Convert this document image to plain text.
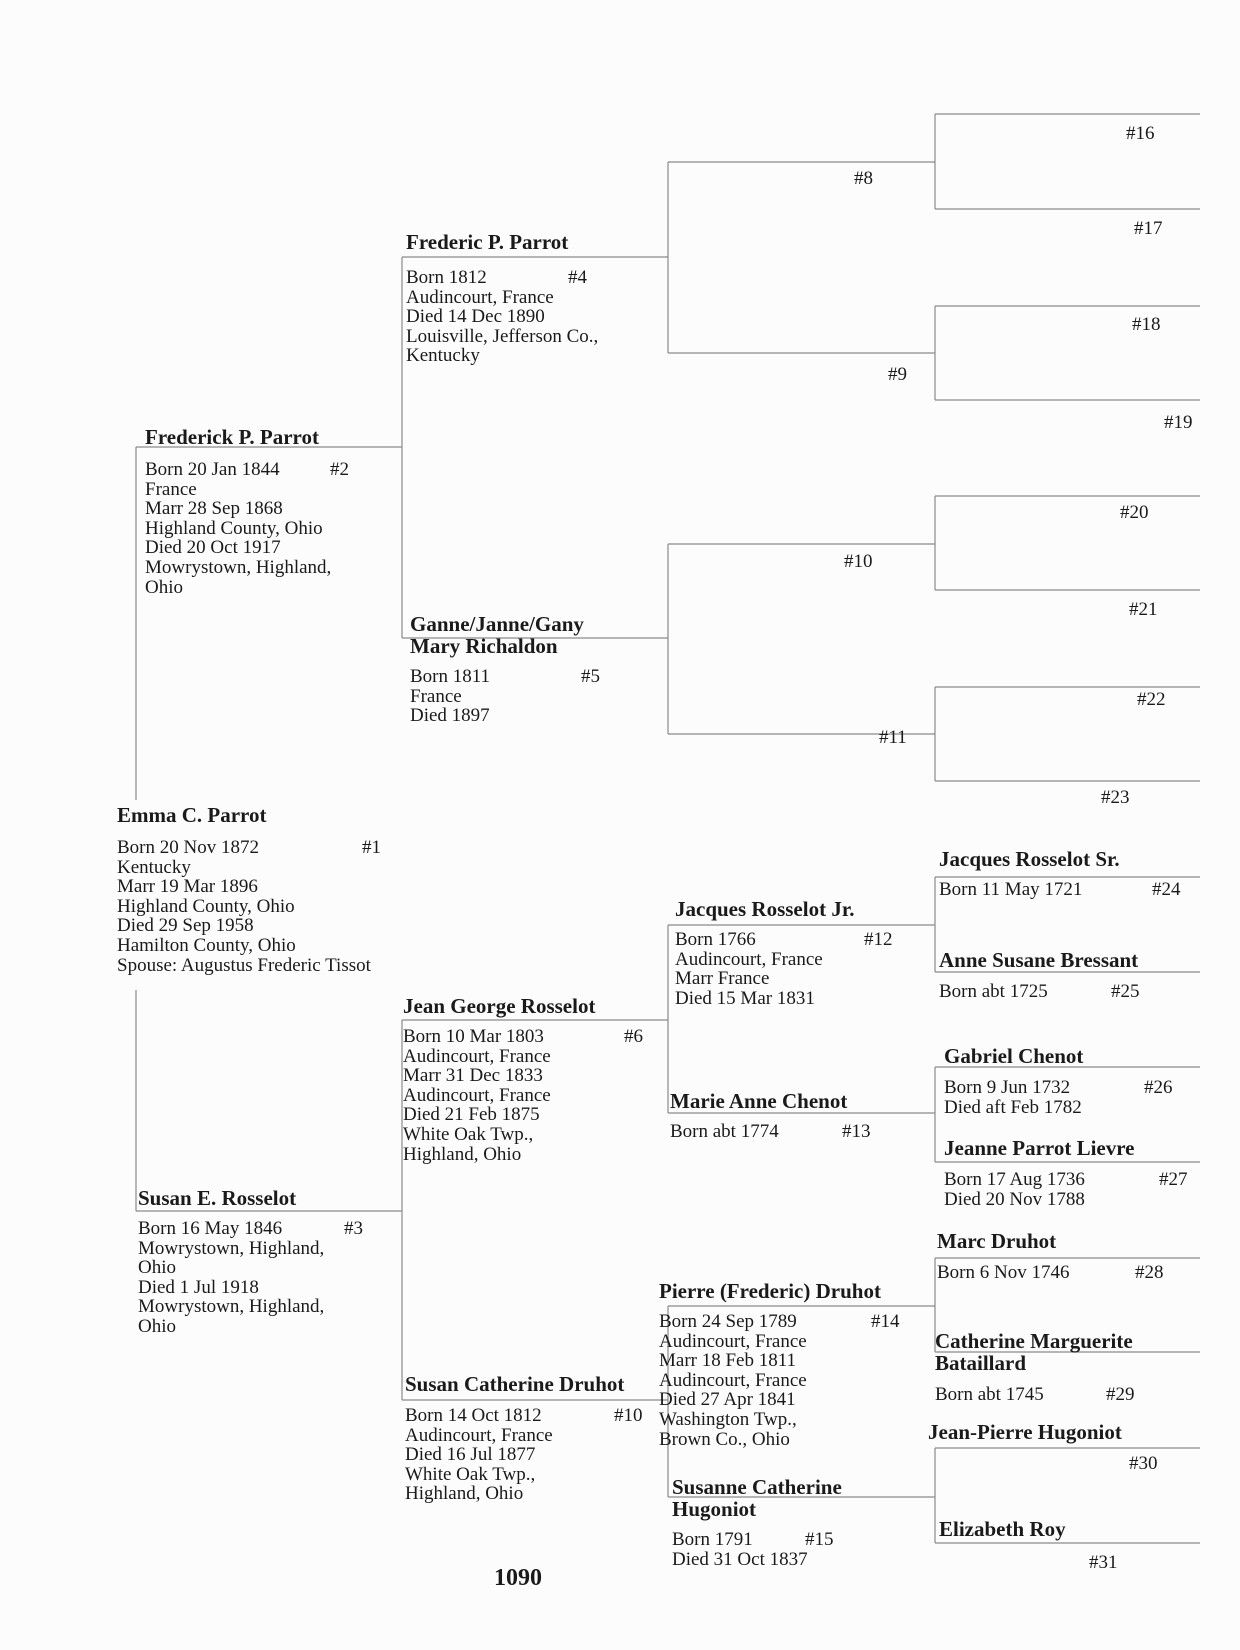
Emma C. Parrot
Born 20 Nov 1872
Kentucky
Marr 19 Mar 1896
Highland County, Ohio
Died 29 Sep 1958
Hamilton County, Ohio
Spouse: Augustus Frederic Tissot
#1
Frederick P. Parrot
Born 20 Jan 1844
France
Marr 28 Sep 1868
Highland County, Ohio
Died 20 Oct 1917
Mowrystown, Highland,
Ohio
#2
Susan E. Rosselot
Born 16 May 1846
Mowrystown, Highland,
Ohio
Died 1 Jul 1918
Mowrystown, Highland,
Ohio
#3
Frederic P. Parrot
Born 1812
Audincourt, France
Died 14 Dec 1890
Louisville, Jefferson Co.,
Kentucky
#4
Ganne/Janne/Gany
Mary Richaldon
Born 1811
France
Died 1897
#5
Jean George Rosselot
Born 10 Mar 1803
Audincourt, France
Marr 31 Dec 1833
Audincourt, France
Died 21 Feb 1875
White Oak Twp.,
Highland, Ohio
#6
Susan Catherine Druhot
Born 14 Oct 1812
Audincourt, France
Died 16 Jul 1877
White Oak Twp.,
Highland, Ohio
#10
#8
#9
#10
#11
Jacques Rosselot Jr.
Born 1766
Audincourt, France
Marr France
Died 15 Mar 1831
#12
Marie Anne Chenot
Born abt 1774	#13
Pierre (Frederic) Druhot
Born 24 Sep 1789
Audincourt, France
Marr 18 Feb 1811
Audincourt, France
Died 27 Apr 1841
Washington Twp.,
Brown Co., Ohio
#14
Susanne Catherine
Hugoniot
Born 1791
Died 31 Oct 1837
#15
#16
#17
#18
#19
#20
#21
#22
#23
Jacques Rosselot Sr.
Born 11 May 1721	#24
Anne Susane Bressant
Born abt 1725	#25
Gabriel Chenot
Born 9 Jun 1732
Died aft Feb 1782
#26
Jeanne Parrot Lievre
Born 17 Aug 1736
Died 20 Nov 1788
#27
Marc Druhot
Born 6 Nov 1746	#28
Catherine Marguerite
Bataillard
Born abt 1745	#29
Jean-Pierre Hugoniot
#30
Elizabeth Roy
#31
1090
